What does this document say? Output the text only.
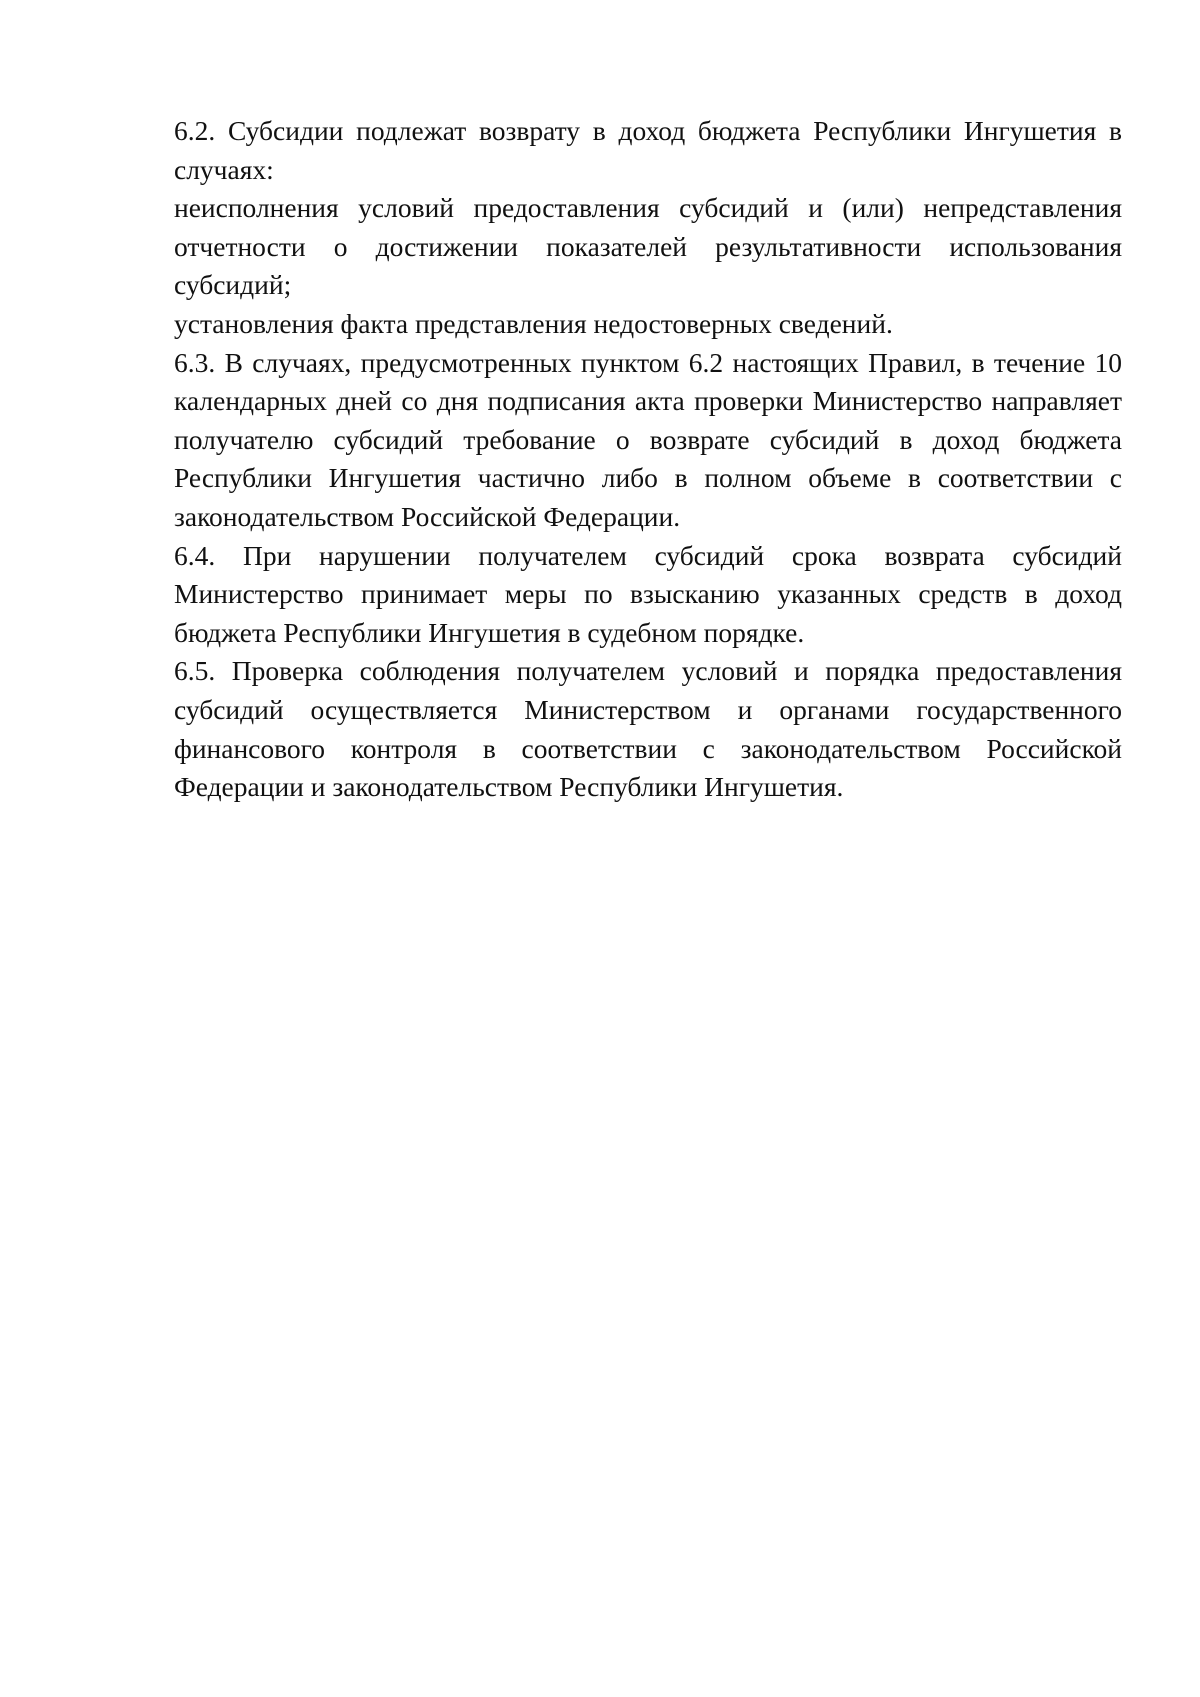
6.2. Субсидии подлежат возврату в доход бюджета Республики Ингушетия в случаях:

неисполнения условий предоставления субсидий и (или) непредставления отчетности о достижении показателей результативности использования субсидий;

установления факта представления недостоверных сведений.

6.3. В случаях, предусмотренных пунктом 6.2 настоящих Правил, в течение 10 календарных дней со дня подписания акта проверки Министерство направляет получателю субсидий требование о возврате субсидий в доход бюджета Республики Ингушетия частично либо в полном объеме в соответствии с законодательством Российской Федерации.

6.4. При нарушении получателем субсидий срока возврата субсидий Министерство принимает меры по взысканию указанных средств в доход бюджета Республики Ингушетия в судебном порядке.

6.5. Проверка соблюдения получателем условий и порядка предоставления субсидий осуществляется Министерством и органами государственного финансового контроля в соответствии с законодательством Российской Федерации и законодательством Республики Ингушетия.
